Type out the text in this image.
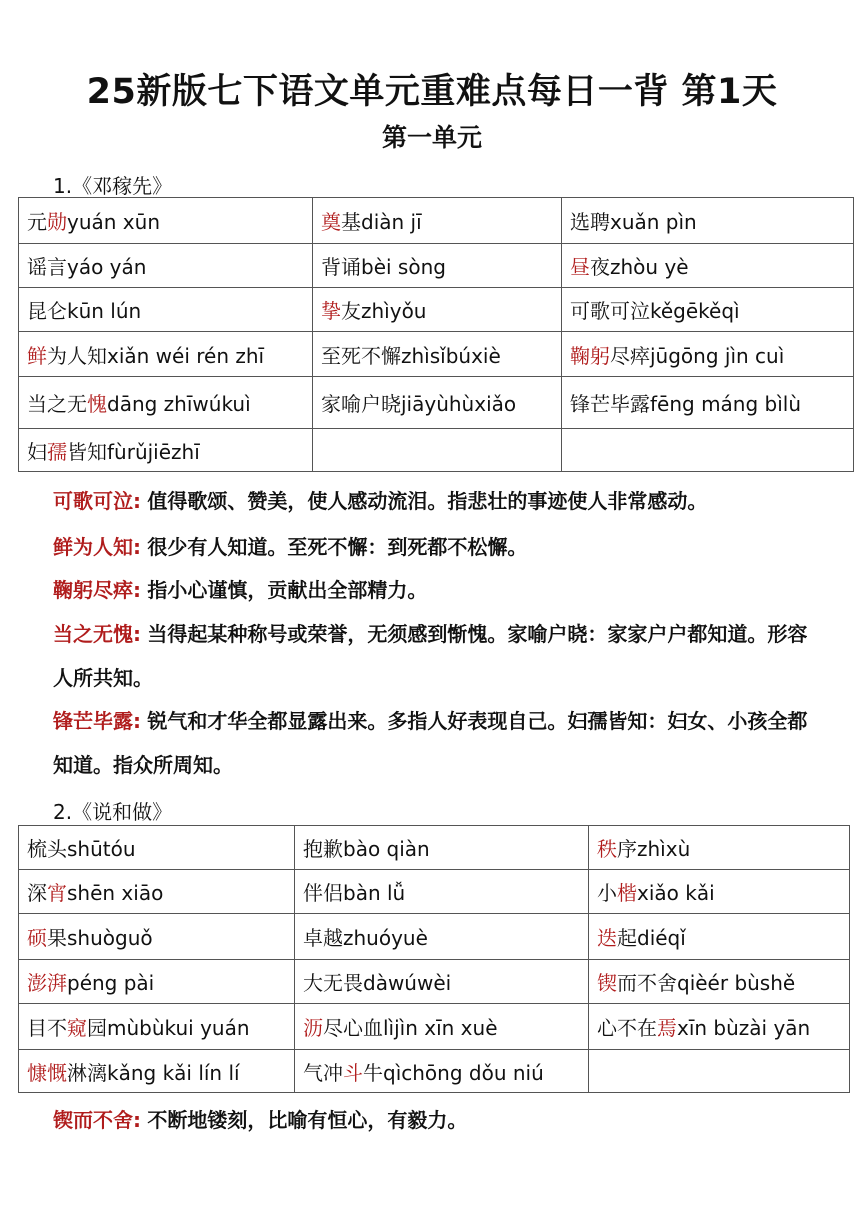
25新版七下语文单元重难点每日一背 第1天
第一单元
1.《邓稼先》
元勋yuán xūn	奠基diàn jī	选聘xuǎn pìn
谣言yáo yán	背诵bèi sòng	昼夜zhòu yè
昆仑kūn lún	挚友zhìyǒu	可歌可泣kěgēkěqì
鲜为人知xiǎn wéi rén zhī	至死不懈zhìsǐbúxiè	鞠躬尽瘁jūgōng jìn cuì
当之无愧dāng zhīwúkuì	家喻户晓jiāyùhùxiǎo	锋芒毕露fēng máng bìlù
妇孺皆知fùrǔjiēzhī		
可歌可泣: 值得歌颂、赞美，使人感动流泪。指悲壮的事迹使人非常感动。
鲜为人知: 很少有人知道。至死不懈：到死都不松懈。
鞠躬尽瘁: 指小心谨慎，贡献出全部精力。
当之无愧: 当得起某种称号或荣誉，无须感到惭愧。家喻户晓：家家户户都知道。形容人所共知。
锋芒毕露: 锐气和才华全都显露出来。多指人好表现自己。妇孺皆知：妇女、小孩全都知道。指众所周知。
2.《说和做》
梳头shūtóu	抱歉bào qiàn	秩序zhìxù
深宵shēn xiāo	伴侣bàn lǚ	小楷xiǎo kǎi
硕果shuòguǒ	卓越zhuóyuè	迭起diéqǐ
澎湃péng pài	大无畏dàwúwèi	锲而不舍qièér bùshě
目不窥园mùbùkui yuán	沥尽心血lìjìn xīn xuè	心不在焉xīn bùzài yān
慷慨淋漓kǎng kǎi lín lí	气冲斗牛qìchōng dǒu niú	
锲而不舍: 不断地镂刻，比喻有恒心，有毅力。
